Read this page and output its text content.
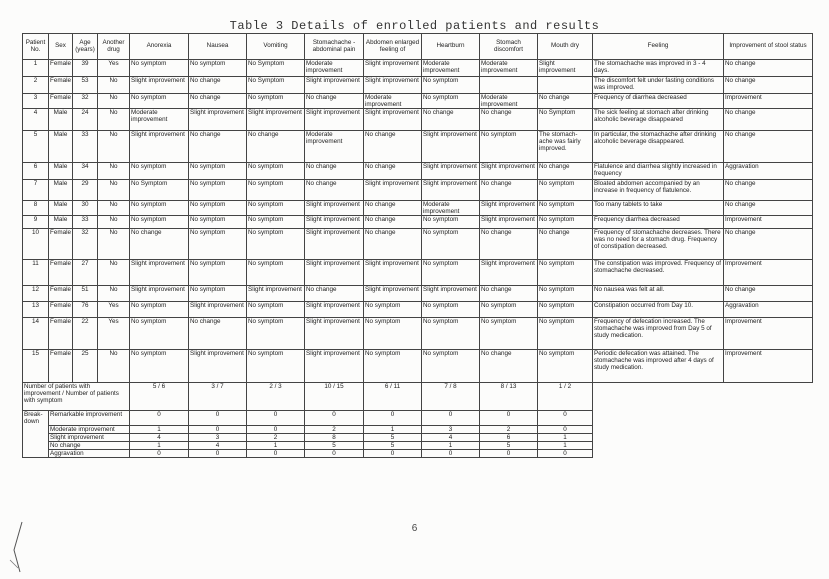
Table 3 Details of enrolled patients and results
Patient No.	Sex	Age (years)	Another drug	Anorexia	Nausea	Vomiting	Stomachache - abdominal pain	Abdomen enlarged feeling of	Heartburn	Stomach discomfort	Mouth dry	Feeling	Improvement of stool status
1	Female	39	Yes	No symptom	No symptom	No Symptom	Moderate improvement	Slight improvement	Moderate improvement	Moderate improvement	Slight improvement	The stomachache was improved in 3 - 4 days.	No change
2	Female	53	No	Slight improvement	No change	No Symptom	Slight improvement	Slight improvement	No symptom			The discomfort felt under fasting conditions was improved.	No change
3	Female	32	No	No symptom	No change	No symptom	No change	Moderate improvement	No symptom	Moderate improvement	No change	Frequency of diarrhea decreased	Improvement
4	Male	24	No	Moderate improvement	Slight improvement	Slight improvement	Slight improvement	Slight improvement	No change	No change	No Symptom	The sick feeling at stomach after drinking alcoholic beverage disappeared	No change
5	Male	33	No	Slight improvement	No change	No change	Moderate improvement	No change	Slight improvement	No symptom	The stomach-ache was fairly improved.	In particular, the stomachache after drinking alcoholic beverage disappeared.	No change
6	Male	34	No	No symptom	No symptom	No symptom	No change	No change	Slight improvement	Slight improvement	No change	Flatulence and diarrhea slightly increased in frequency	Aggravation
7	Male	29	No	No Symptom	No symptom	No symptom	No change	Slight improvement	Slight improvement	No change	No symptom	Bloated abdomen accompanied by an increase in frequency of flatulence.	No change
8	Male	30	No	No symptom	No symptom	No symptom	Slight improvement	No change	Moderate improvement	Slight improvement	No symptom	Too many tablets to take	No change
9	Male	33	No	No symptom	No symptom	No symptom	Slight improvement	No change	No symptom	Slight improvement	No symptom	Frequency diarrhea decreased	Improvement
10	Female	32	No	No change	No symptom	No symptom	Slight improvement	No change	No symptom	No change	No change	Frequency of stomachache decreases. There was no need for a stomach drug. Frequency of constipation decreased.	No change
11	Female	27	No	Slight improvement	No symptom	No symptom	Slight improvement	Slight improvement	No symptom	Slight improvement	No symptom	The constipation was improved. Frequency of stomachache decreased.	Improvement
12	Female	51	No	Slight improvement	No symptom	Slight improvement	No change	Slight improvement	Slight improvement	No change	No symptom	No nausea was felt at all.	No change
13	Female	76	Yes	No symptom	Slight improvement	No symptom	Slight improvement	No symptom	No symptom	No symptom	No symptom	Constipation occurred from Day 10.	Aggravation
14	Female	22	Yes	No symptom	No change	No symptom	Slight improvement	No symptom	No symptom	No symptom	No symptom	Frequency of defecation increased. The stomachache was improved from Day 5 of study medication.	Improvement
15	Female	25	No	No symptom	Slight improvement	No symptom	Slight improvement	No symptom	No symptom	No change	No symptom	Periodic defecation was attained. The stomachache was improved after 4 days of study medication.	Improvement
Number of patients with improvement / Number of patients with symptom				5 / 6	3 / 7	2 / 3	10 / 15	6 / 11	7 / 8	8 / 13	1 / 2		
Break-down	Remarkable improvement			0	0	0	0	0	0	0	0		
	Moderate improvement			1	0	0	2	1	3	2	0		
	Slight improvement			4	3	2	8	5	4	6	1		
	No change			1	4	1	5	5	1	5	1		
	Aggravation			0	0	0	0	0	0	0	0		
6
